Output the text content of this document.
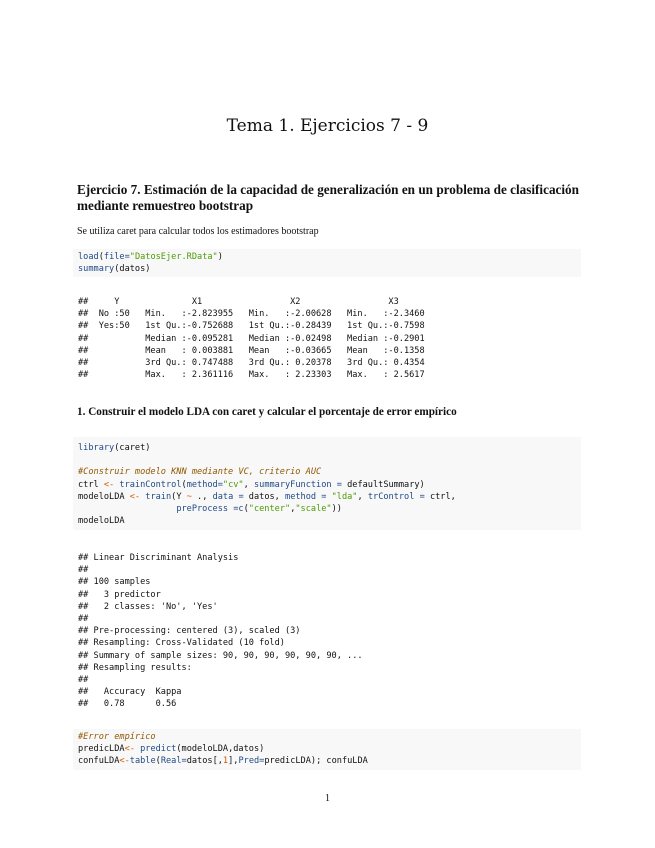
Tema 1. Ejercicios 7 - 9

Ejercicio 7. Estimación de la capacidad de generalización en un problema de clasificación mediante remuestreo bootstrap

Se utiliza caret para calcular todos los estimadores bootstrap

load(file="DatosEjer.RData")
summary(datos)
##     Y              X1                 X2                 X3
##  No :50   Min.   :-2.823955   Min.   :-2.00628   Min.   :-2.3460
##  Yes:50   1st Qu.:-0.752688   1st Qu.:-0.28439   1st Qu.:-0.7598
##           Median :-0.095281   Median :-0.02498   Median :-0.2901
##           Mean   : 0.003881   Mean   :-0.03665   Mean   :-0.1358
##           3rd Qu.: 0.747488   3rd Qu.: 0.20378   3rd Qu.: 0.4354
##           Max.   : 2.361116   Max.   : 2.23303   Max.   : 2.5617

1. Construir el modelo LDA con caret y calcular el porcentaje de error empírico

library(caret)
#Construir modelo KNN mediante VC, criterio AUC
ctrl <- trainControl(method="cv", summaryFunction = defaultSummary)
modeloLDA <- train(Y ~ ., data = datos, method = "lda", trControl = ctrl,
preProcess =c("center","scale"))
modeloLDA
## Linear Discriminant Analysis
##
## 100 samples
##   3 predictor
##   2 classes: 'No', 'Yes'
##
## Pre-processing: centered (3), scaled (3)
## Resampling: Cross-Validated (10 fold)
## Summary of sample sizes: 90, 90, 90, 90, 90, 90, ...
## Resampling results:
##
##   Accuracy  Kappa
##   0.78      0.56
#Error empírico
predicLDA<- predict(modeloLDA,datos)
confuLDA<-table(Real=datos[,1],Pred=predicLDA); confuLDA
1
